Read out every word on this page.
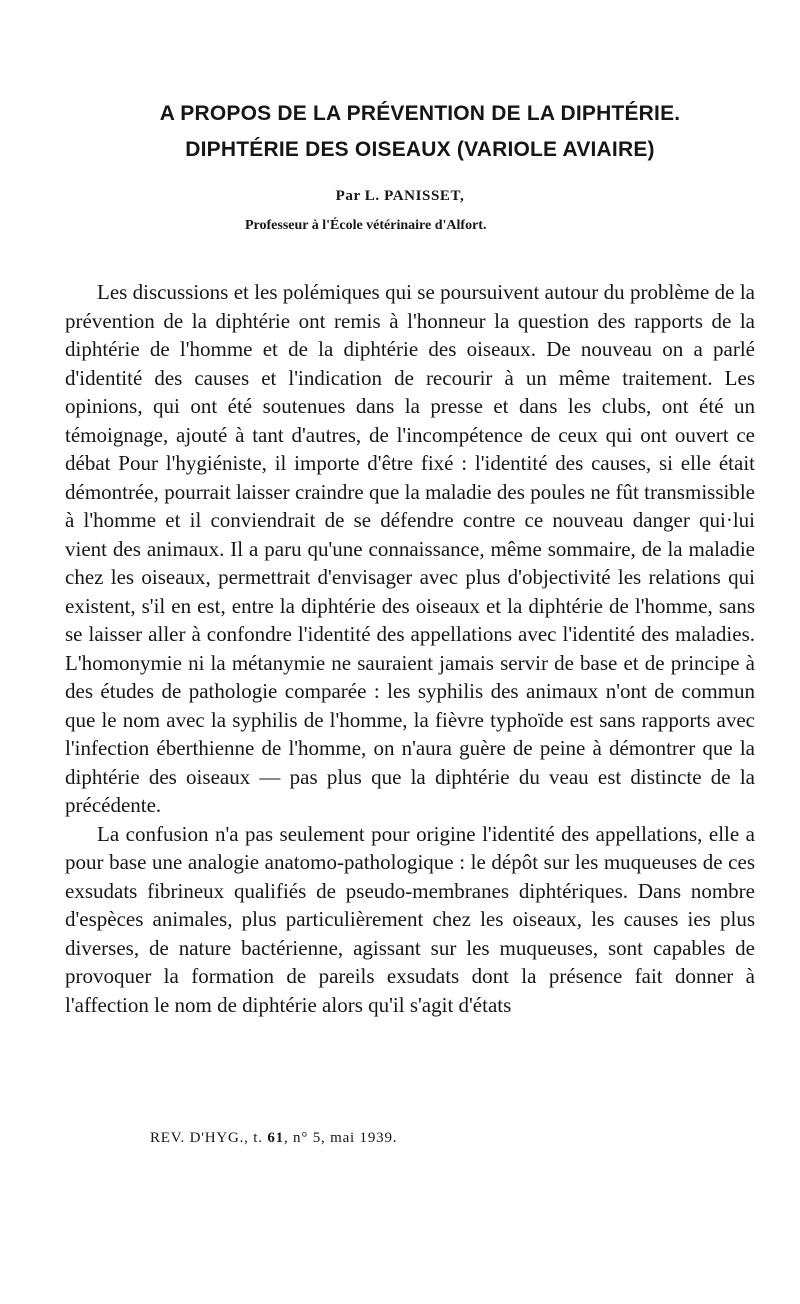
A PROPOS DE LA PRÉVENTION DE LA DIPHTÉRIE.
DIPHTÉRIE DES OISEAUX (VARIOLE AVIAIRE)
Par L. PANISSET,
Professeur à l'École vétérinaire d'Alfort.

Les discussions et les polémiques qui se poursuivent autour du problème de la prévention de la diphtérie ont remis à l'honneur la question des rapports de la diphtérie de l'homme et de la diphtérie des oiseaux. De nouveau on a parlé d'identité des causes et l'indication de recourir à un même traitement. Les opinions, qui ont été soutenues dans la presse et dans les clubs, ont été un témoignage, ajouté à tant d'autres, de l'incompétence de ceux qui ont ouvert ce débat Pour l'hygiéniste, il importe d'être fixé : l'identité des causes, si elle était démontrée, pourrait laisser craindre que la maladie des poules ne fût transmissible à l'homme et il conviendrait de se défendre contre ce nouveau danger qui·lui vient des animaux. Il a paru qu'une connaissance, même sommaire, de la maladie chez les oiseaux, permettrait d'envisager avec plus d'objectivité les relations qui existent, s'il en est, entre la diphtérie des oiseaux et la diphtérie de l'homme, sans se laisser aller à confondre l'identité des appellations avec l'identité des maladies. L'homonymie ni la métanymie ne sauraient jamais servir de base et de principe à des études de pathologie comparée : les syphilis des animaux n'ont de commun que le nom avec la syphilis de l'homme, la fièvre typhoïde est sans rapports avec l'infection éberthienne de l'homme, on n'aura guère de peine à démontrer que la diphtérie des oiseaux — pas plus que la diphtérie du veau est distincte de la précédente.

La confusion n'a pas seulement pour origine l'identité des appellations, elle a pour base une analogie anatomo-pathologique : le dépôt sur les muqueuses de ces exsudats fibrineux qualifiés de pseudo-membranes diphtériques. Dans nombre d'espèces animales, plus particulièrement chez les oiseaux, les causes ies plus diverses, de nature bactérienne, agissant sur les muqueuses, sont capables de provoquer la formation de pareils exsudats dont la présence fait donner à l'affection le nom de diphtérie alors qu'il s'agit d'états

REV. D'HYG., t. 61, n° 5, mai 1939.
